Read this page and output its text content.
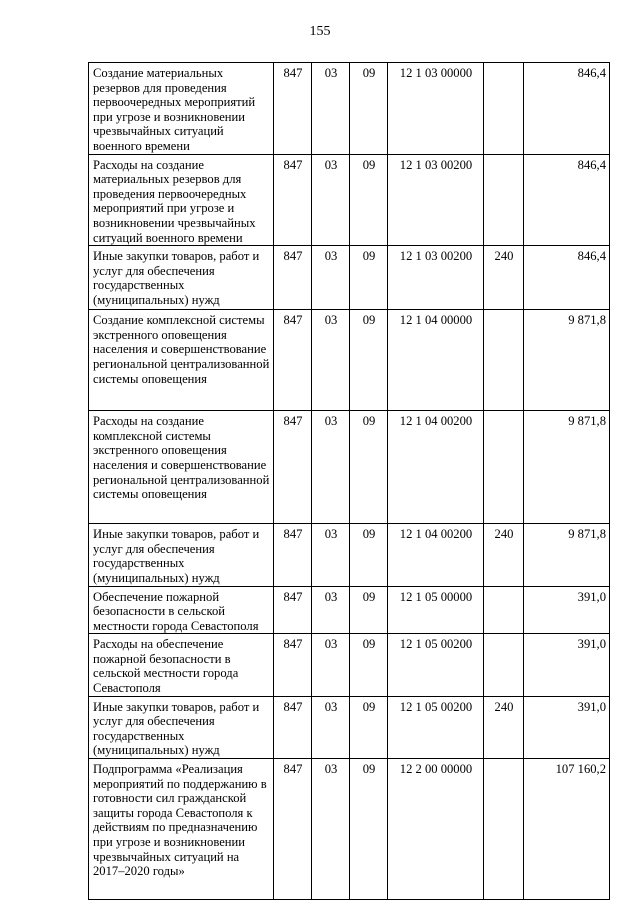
155
Создание материальных резервов для проведения первоочередных мероприятий при угрозе и возникновении чрезвычайных ситуаций военного времени	847	03	09	12 1 03 00000		846,4
Расходы на создание материальных резервов для проведения первоочередных мероприятий при угрозе и возникновении чрезвычайных ситуаций военного времени	847	03	09	12 1 03 00200		846,4
Иные закупки товаров, работ и услуг для обеспечения государственных (муниципальных) нужд	847	03	09	12 1 03 00200	240	846,4
Создание комплексной системы экстренного оповещения населения и совершенствование региональной централизованной системы оповещения	847	03	09	12 1 04 00000		9 871,8
Расходы на создание комплексной системы экстренного оповещения населения и совершенствование региональной централизованной системы оповещения	847	03	09	12 1 04 00200		9 871,8
Иные закупки товаров, работ и услуг для обеспечения государственных (муниципальных) нужд	847	03	09	12 1 04 00200	240	9 871,8
Обеспечение пожарной безопасности в сельской местности города Севастополя	847	03	09	12 1 05 00000		391,0
Расходы на обеспечение пожарной безопасности в сельской местности города Севастополя	847	03	09	12 1 05 00200		391,0
Иные закупки товаров, работ и услуг для обеспечения государственных (муниципальных) нужд	847	03	09	12 1 05 00200	240	391,0
Подпрограмма «Реализация мероприятий по поддержанию в готовности сил гражданской защиты города Севастополя к действиям по предназначению при угрозе и возникновении чрезвычайных ситуаций на 2017–2020 годы»	847	03	09	12 2 00 00000		107 160,2
